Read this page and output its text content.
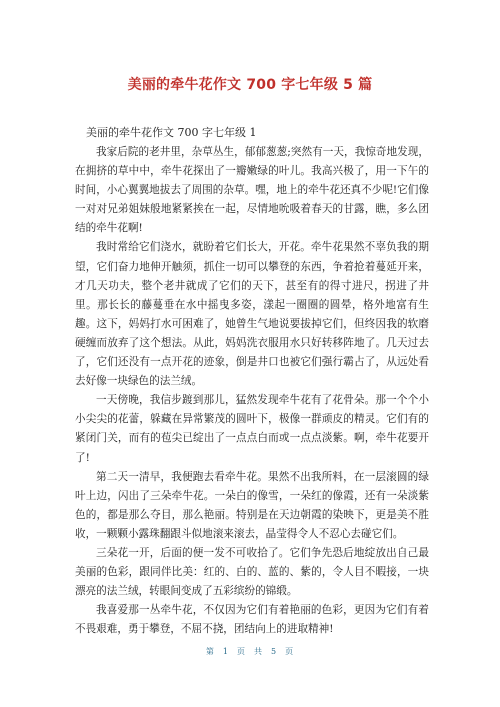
美丽的牵牛花作文 700 字七年级 5 篇

美丽的牵牛花作文 700 字七年级 1

我家后院的老井里，杂草丛生，郁郁葱葱;突然有一天，我惊奇地发现，在拥挤的草中中，牵牛花探出了一瓣嫩绿的叶儿。我高兴极了，用一下午的时间，小心翼翼地拔去了周围的杂草。嘿，地上的牵牛花还真不少呢!它们像一对对兄弟姐妹般地紧紧挨在一起，尽情地吮吸着春天的甘露，瞧，多么团结的牵牛花啊!

我时常给它们浇水，就盼着它们长大，开花。牵牛花果然不辜负我的期望，它们奋力地伸开触须，抓住一切可以攀登的东西，争着抢着蔓延开来，才几天功夫，整个老井就成了它们的天下，甚至有的得寸进尺，拐进了井里。那长长的藤蔓垂在水中摇曳多姿，漾起一圈圈的圆晕，格外地富有生趣。这下，妈妈打水可困难了，她曾生气地说要拔掉它们，但终因我的软磨硬缠而放弃了这个想法。从此，妈妈洗衣服用水只好转移阵地了。几天过去了，它们还没有一点开花的迹象，倒是井口也被它们强行霸占了，从远处看去好像一块绿色的法兰绒。

一天傍晚，我信步踱到那儿，猛然发现牵牛花有了花骨朵。那一个个小小尖尖的花蕾，躲藏在异常繁茂的圆叶下，极像一群顽皮的精灵。它们有的紧闭门关，而有的苞尖已绽出了一点点白而或一点点淡紫。啊，牵牛花要开了!

第二天一清早，我便跑去看牵牛花。果然不出我所料，在一层滚圆的绿叶上边，闪出了三朵牵牛花。一朵白的像雪，一朵红的像霞，还有一朵淡紫色的，都是那么夺目，那么艳丽。特别是在天边朝霞的染映下，更是美不胜收，一颗颗小露珠翻跟斗似地滚来滚去，晶莹得令人不忍心去碰它们。

三朵花一开，后面的便一发不可收拾了。它们争先恐后地绽放出自己最美丽的色彩，跟同伴比美：红的、白的、蓝的、紫的，令人目不暇接，一块漂亮的法兰绒，转眼间变成了五彩缤纷的锦缎。

我喜爱那一丛牵牛花，不仅因为它们有着艳丽的色彩，更因为它们有着不畏艰难，勇于攀登，不屈不挠，团结向上的进取精神!

第 1 页 共 5 页
